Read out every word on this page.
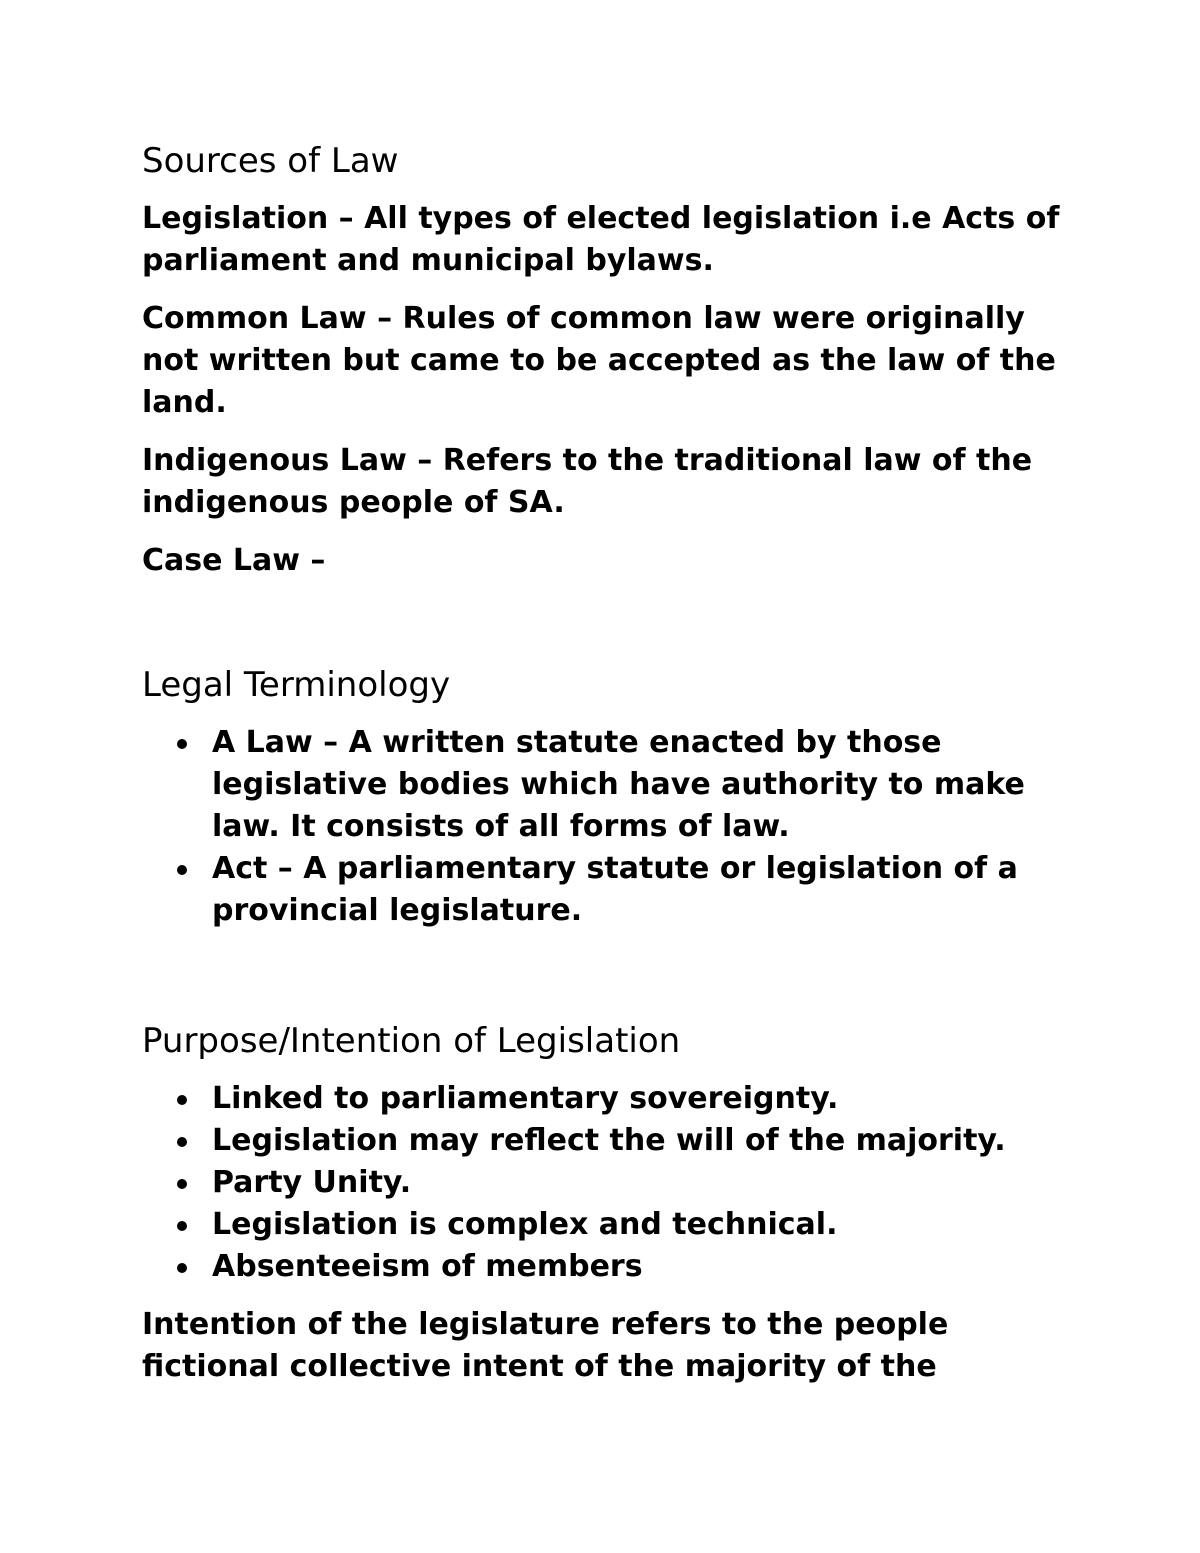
Sources of Law

Legislation – All types of elected legislation i.e Acts of parliament and municipal bylaws.

Common Law – Rules of common law were originally not written but came to be accepted as the law of the land.

Indigenous Law – Refers to the traditional law of the indigenous people of SA.

Case Law –

Legal Terminology
A Law – A written statute enacted by those legislative bodies which have authority to make law. It consists of all forms of law.
Act – A parliamentary statute or legislation of a provincial legislature.
Purpose/Intention of Legislation
Linked to parliamentary sovereignty.
Legislation may reflect the will of the majority.
Party Unity.
Legislation is complex and technical.
Absenteeism of members

Intention of the legislature refers to the people fictional collective intent of the majority of the
